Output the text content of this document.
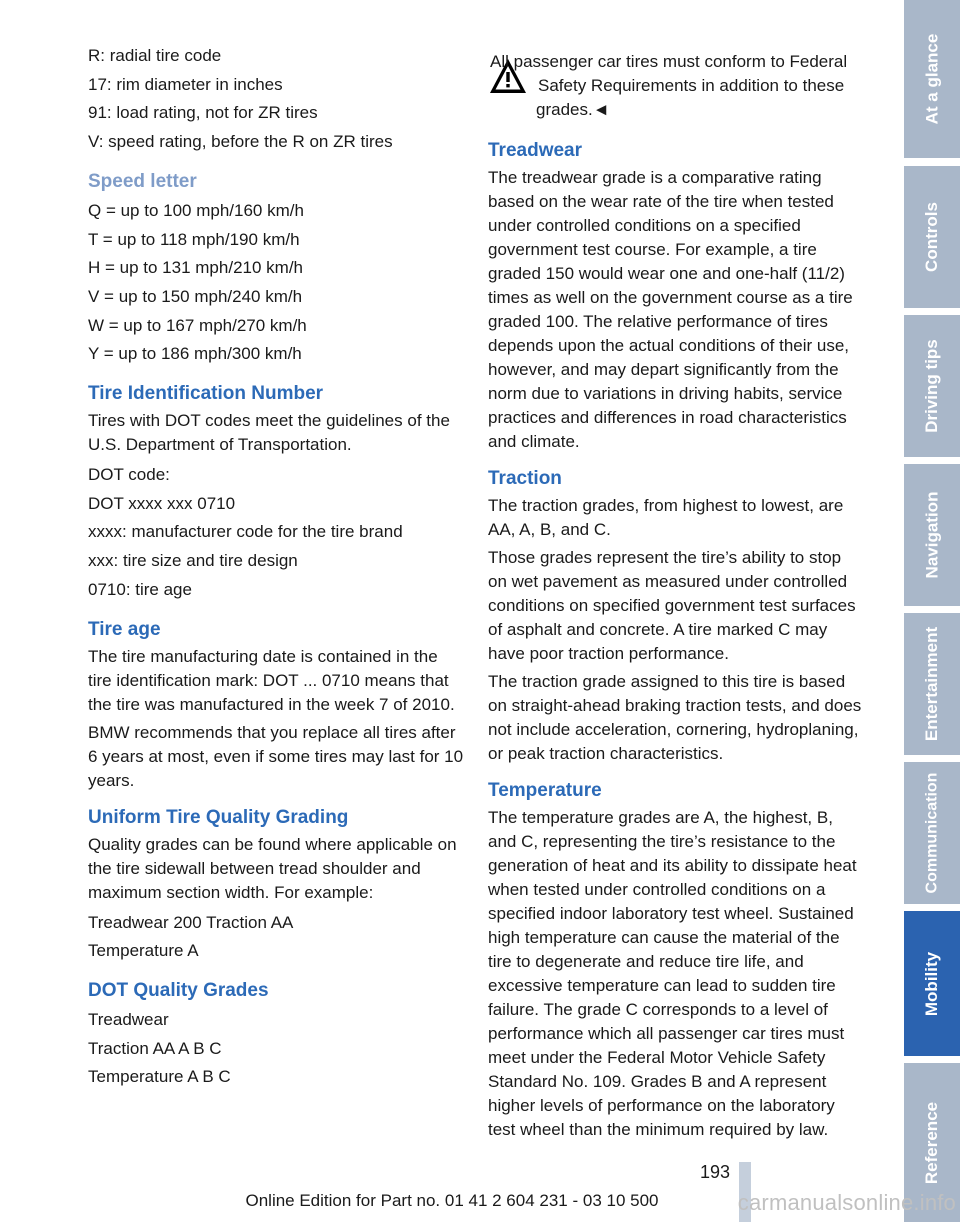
R: radial tire code

17: rim diameter in inches

91: load rating, not for ZR tires

V: speed rating, before the R on ZR tires

Speed letter

Q = up to 100 mph/160 km/h

T = up to 118 mph/190 km/h

H = up to 131 mph/210 km/h

V = up to 150 mph/240 km/h

W = up to 167 mph/270 km/h

Y = up to 186 mph/300 km/h

Tire Identification Number

Tires with DOT codes meet the guidelines of the U.S. Department of Transportation.

DOT code:

DOT xxxx xxx 0710

xxxx: manufacturer code for the tire brand

xxx: tire size and tire design

0710: tire age

Tire age

The tire manufacturing date is contained in the tire identification mark: DOT ... 0710 means that the tire was manufactured in the week 7 of 2010.

BMW recommends that you replace all tires after 6 years at most, even if some tires may last for 10 years.

Uniform Tire Quality Grading

Quality grades can be found where applicable on the tire sidewall between tread shoulder and maximum section width. For example:

Treadwear 200 Traction AA

Temperature A

DOT Quality Grades

Treadwear

Traction AA A B C

Temperature A B C

All passenger car tires must conform to Federal Safety Requirements in addition to these grades.◄

Treadwear

The treadwear grade is a comparative rating based on the wear rate of the tire when tested under controlled conditions on a specified government test course. For example, a tire graded 150 would wear one and one-half (11/2) times as well on the government course as a tire graded 100. The relative performance of tires depends upon the actual conditions of their use, however, and may depart significantly from the norm due to variations in driving habits, service practices and differences in road characteristics and climate.

Traction

The traction grades, from highest to lowest, are AA, A, B, and C.

Those grades represent the tire’s ability to stop on wet pavement as measured under controlled conditions on specified government test surfaces of asphalt and concrete. A tire marked C may have poor traction performance.

The traction grade assigned to this tire is based on straight-ahead braking traction tests, and does not include acceleration, cornering, hydroplaning, or peak traction characteristics.

Temperature

The temperature grades are A, the highest, B, and C, representing the tire’s resistance to the generation of heat and its ability to dissipate heat when tested under controlled conditions on a specified indoor laboratory test wheel. Sustained high temperature can cause the material of the tire to degenerate and reduce tire life, and excessive temperature can lead to sudden tire failure. The grade C corresponds to a level of performance which all passenger car tires must meet under the Federal Motor Vehicle Safety Standard No. 109. Grades B and A represent higher levels of performance on the laboratory test wheel than the minimum required by law.

At a glance
Controls
Driving tips
Navigation
Entertainment
Communication
Mobility
Reference
193
Online Edition for Part no. 01 41 2 604 231 - 03 10 500	carmanualsonline.info
